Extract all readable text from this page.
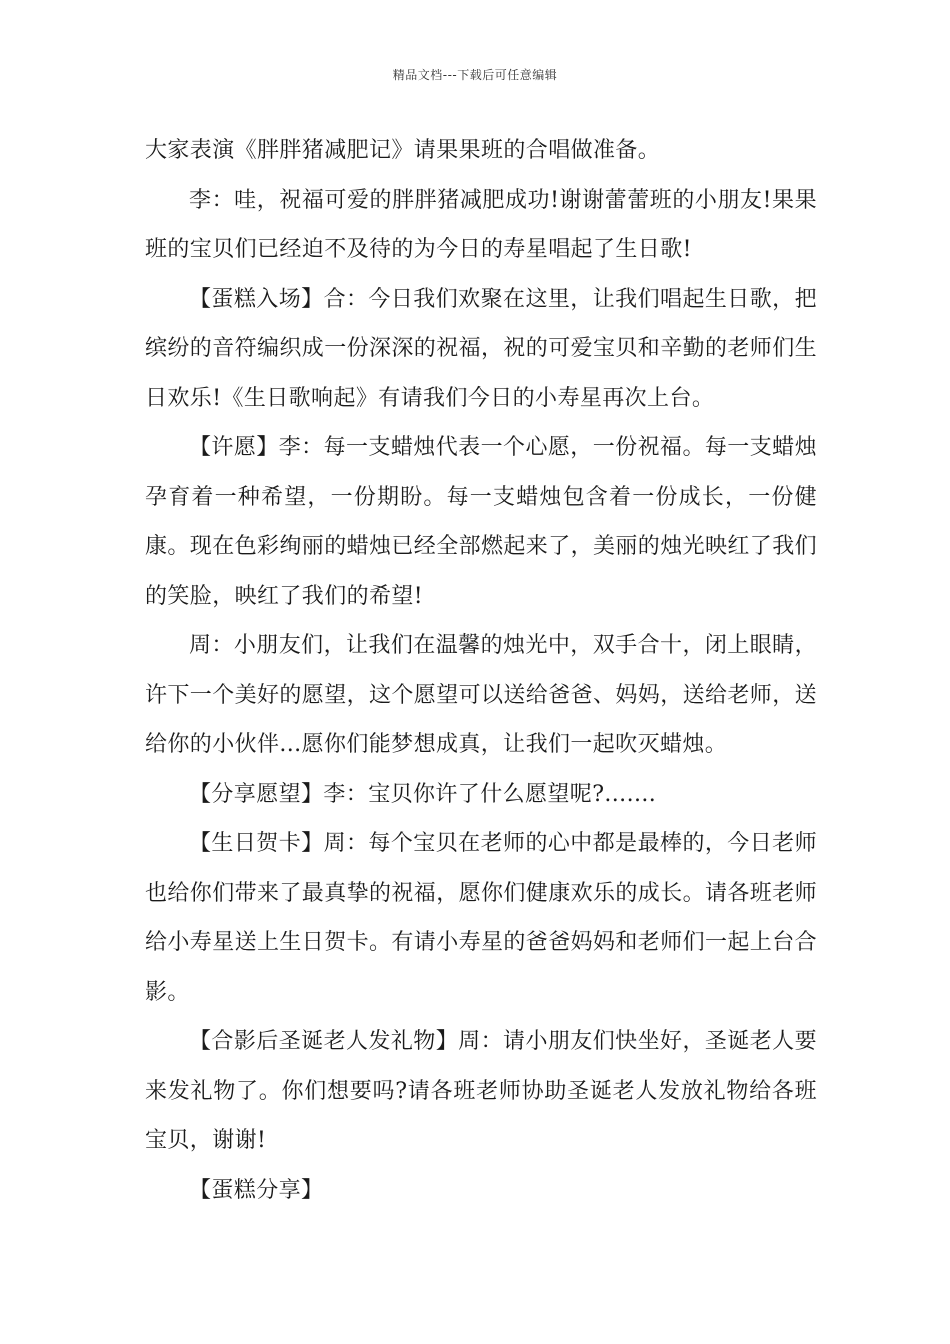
精品文档---下载后可任意编辑

大家表演《胖胖猪减肥记》请果果班的合唱做准备。

李：哇，祝福可爱的胖胖猪减肥成功!谢谢蕾蕾班的小朋友!果果班的宝贝们已经迫不及待的为今日的寿星唱起了生日歌!

【蛋糕入场】合：今日我们欢聚在这里，让我们唱起生日歌，把缤纷的音符编织成一份深深的祝福，祝的可爱宝贝和辛勤的老师们生日欢乐!《生日歌响起》有请我们今日的小寿星再次上台。

【许愿】李：每一支蜡烛代表一个心愿，一份祝福。每一支蜡烛孕育着一种希望，一份期盼。每一支蜡烛包含着一份成长，一份健康。现在色彩绚丽的蜡烛已经全部燃起来了，美丽的烛光映红了我们的笑脸，映红了我们的希望!

周：小朋友们，让我们在温馨的烛光中，双手合十，闭上眼睛，许下一个美好的愿望，这个愿望可以送给爸爸、妈妈，送给老师，送给你的小伙伴...愿你们能梦想成真，让我们一起吹灭蜡烛。

【分享愿望】李：宝贝你许了什么愿望呢?.......

【生日贺卡】周：每个宝贝在老师的心中都是最棒的，今日老师也给你们带来了最真挚的祝福，愿你们健康欢乐的成长。请各班老师给小寿星送上生日贺卡。有请小寿星的爸爸妈妈和老师们一起上台合影。

【合影后圣诞老人发礼物】周：请小朋友们快坐好，圣诞老人要来发礼物了。你们想要吗?请各班老师协助圣诞老人发放礼物给各班宝贝，谢谢!

【蛋糕分享】
